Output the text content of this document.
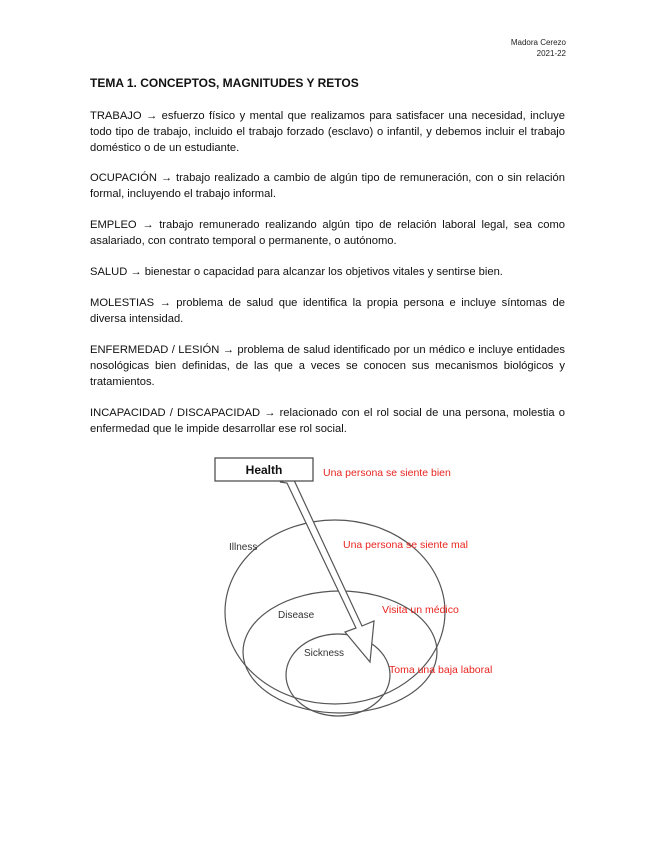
Madora Cerezo
2021-22
TEMA 1. CONCEPTOS, MAGNITUDES Y RETOS
TRABAJO → esfuerzo físico y mental que realizamos para satisfacer una necesidad, incluye todo tipo de trabajo, incluido el trabajo forzado (esclavo) o infantil, y debemos incluir el trabajo doméstico o de un estudiante.
OCUPACIÓN → trabajo realizado a cambio de algún tipo de remuneración, con o sin relación formal, incluyendo el trabajo informal.
EMPLEO → trabajo remunerado realizando algún tipo de relación laboral legal, sea como asalariado, con contrato temporal o permanente, o autónomo.
SALUD → bienestar o capacidad para alcanzar los objetivos vitales y sentirse bien.
MOLESTIAS → problema de salud que identifica la propia persona e incluye síntomas de diversa intensidad.
ENFERMEDAD / LESIÓN → problema de salud identificado por un médico e incluye entidades nosológicas bien definidas, de las que a veces se conocen sus mecanismos biológicos y tratamientos.
INCAPACIDAD / DISCAPACIDAD → relacionado con el rol social de una persona, molestia o enfermedad que le impide desarrollar ese rol social.
Health
Illness
Disease
Sickness
Una persona se siente bien
Una persona se siente mal
Visita un médico
Toma una baja laboral
